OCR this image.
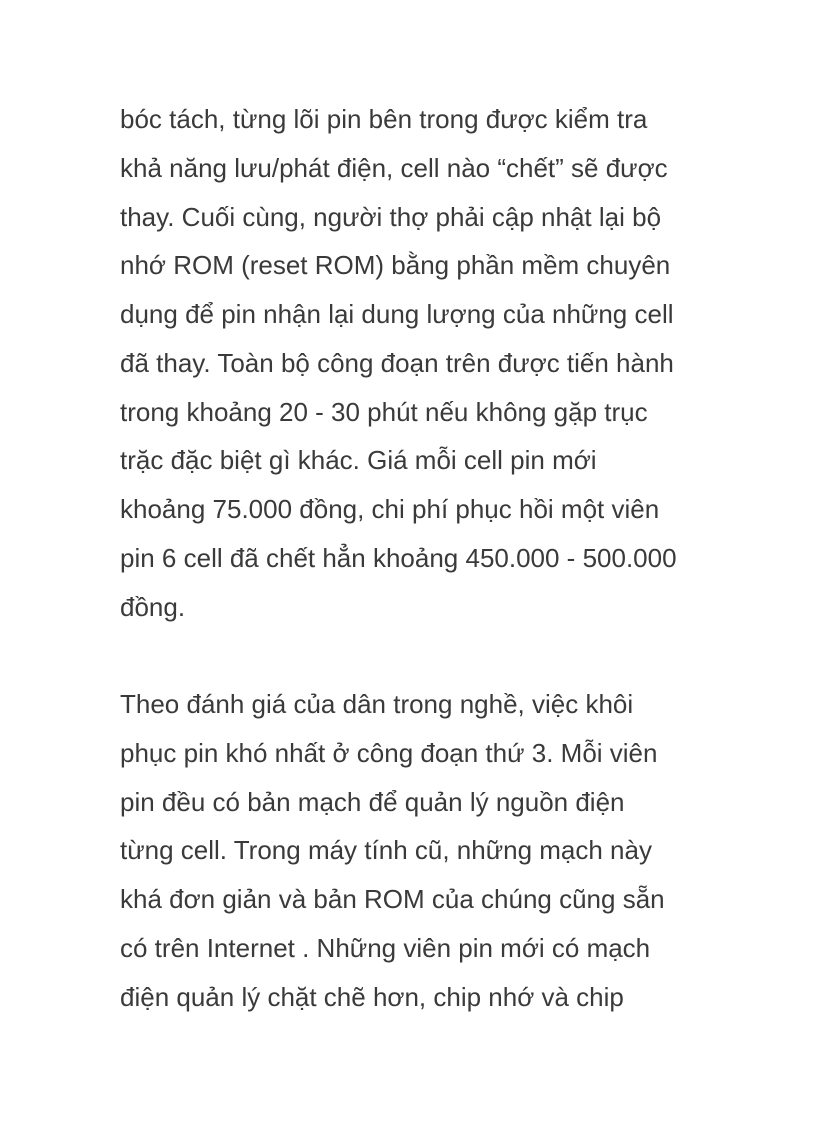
bóc tách, từng lõi pin bên trong được kiểm tra
khả năng lưu/phát điện, cell nào “chết” sẽ được
thay. Cuối cùng, người thợ phải cập nhật lại bộ
nhớ ROM (reset ROM) bằng phần mềm chuyên
dụng để pin nhận lại dung lượng của những cell
đã thay. Toàn bộ công đoạn trên được tiến hành
trong khoảng 20 - 30 phút nếu không gặp trục
trặc đặc biệt gì khác. Giá mỗi cell pin mới
khoảng 75.000 đồng, chi phí phục hồi một viên
pin 6 cell đã chết hẳn khoảng 450.000 - 500.000
đồng.
Theo đánh giá của dân trong nghề, việc khôi
phục pin khó nhất ở công đoạn thứ 3. Mỗi viên
pin đều có bản mạch để quản lý nguồn điện
từng cell. Trong máy tính cũ, những mạch này
khá đơn giản và bản ROM của chúng cũng sẵn
có trên Internet . Những viên pin mới có mạch
điện quản lý chặt chẽ hơn, chip nhớ và chip
